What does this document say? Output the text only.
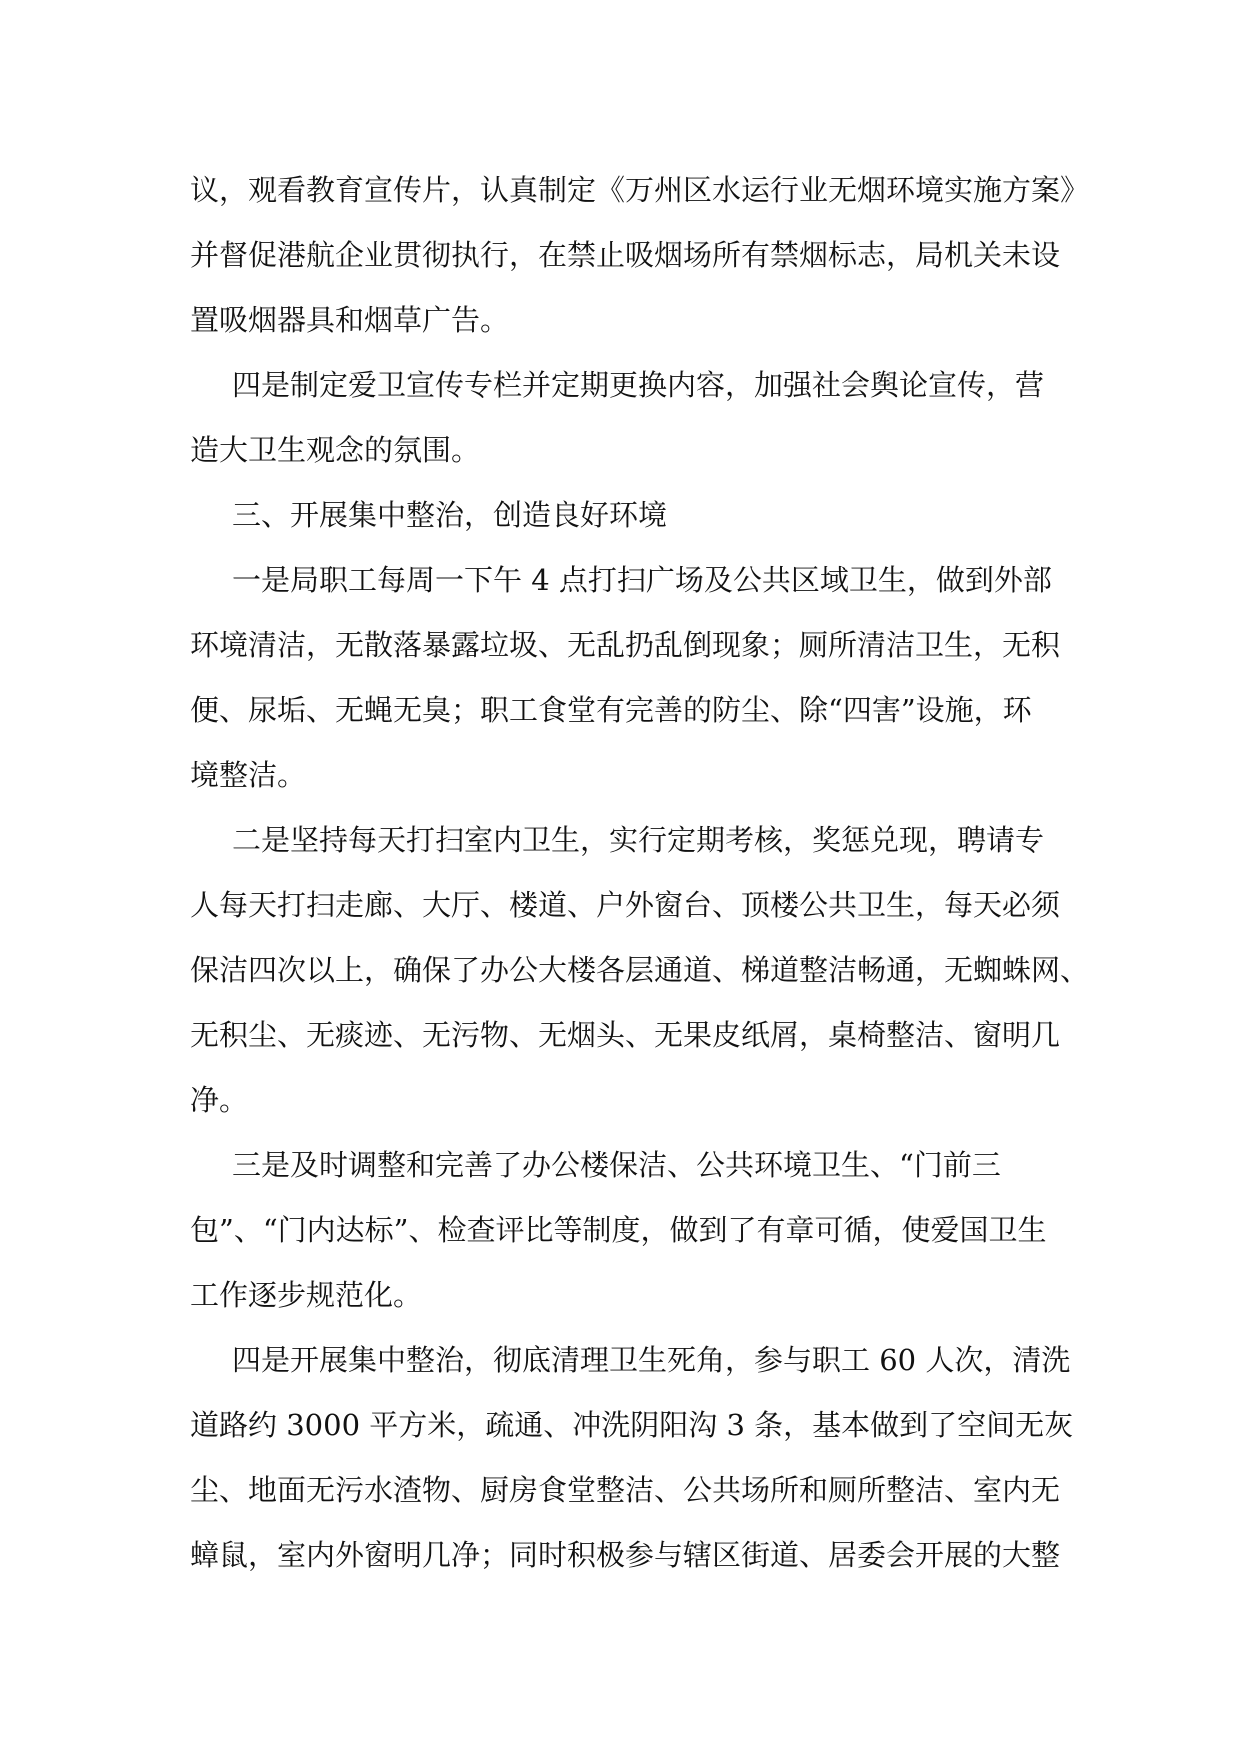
议，观看教育宣传片，认真制定《万州区水运行业无烟环境实施方案》
并督促港航企业贯彻执行，在禁止吸烟场所有禁烟标志，局机关未设
置吸烟器具和烟草广告。
四是制定爱卫宣传专栏并定期更换内容，加强社会舆论宣传，营
造大卫生观念的氛围。
三、开展集中整治，创造良好环境
一是局职工每周一下午 4 点打扫广场及公共区域卫生，做到外部
环境清洁，无散落暴露垃圾、无乱扔乱倒现象；厕所清洁卫生，无积
便、尿垢、无蝇无臭；职工食堂有完善的防尘、除“四害”设施，环
境整洁。
二是坚持每天打扫室内卫生，实行定期考核，奖惩兑现，聘请专
人每天打扫走廊、大厅、楼道、户外窗台、顶楼公共卫生，每天必须
保洁四次以上，确保了办公大楼各层通道、梯道整洁畅通，无蜘蛛网、
无积尘、无痰迹、无污物、无烟头、无果皮纸屑，桌椅整洁、窗明几
净。
三是及时调整和完善了办公楼保洁、公共环境卫生、“门前三
包”、“门内达标”、检查评比等制度，做到了有章可循，使爱国卫生
工作逐步规范化。
四是开展集中整治，彻底清理卫生死角，参与职工 60 人次，清洗
道路约 3000 平方米，疏通、冲洗阴阳沟 3 条，基本做到了空间无灰
尘、地面无污水渣物、厨房食堂整洁、公共场所和厕所整洁、室内无
蟑鼠，室内外窗明几净；同时积极参与辖区街道、居委会开展的大整
